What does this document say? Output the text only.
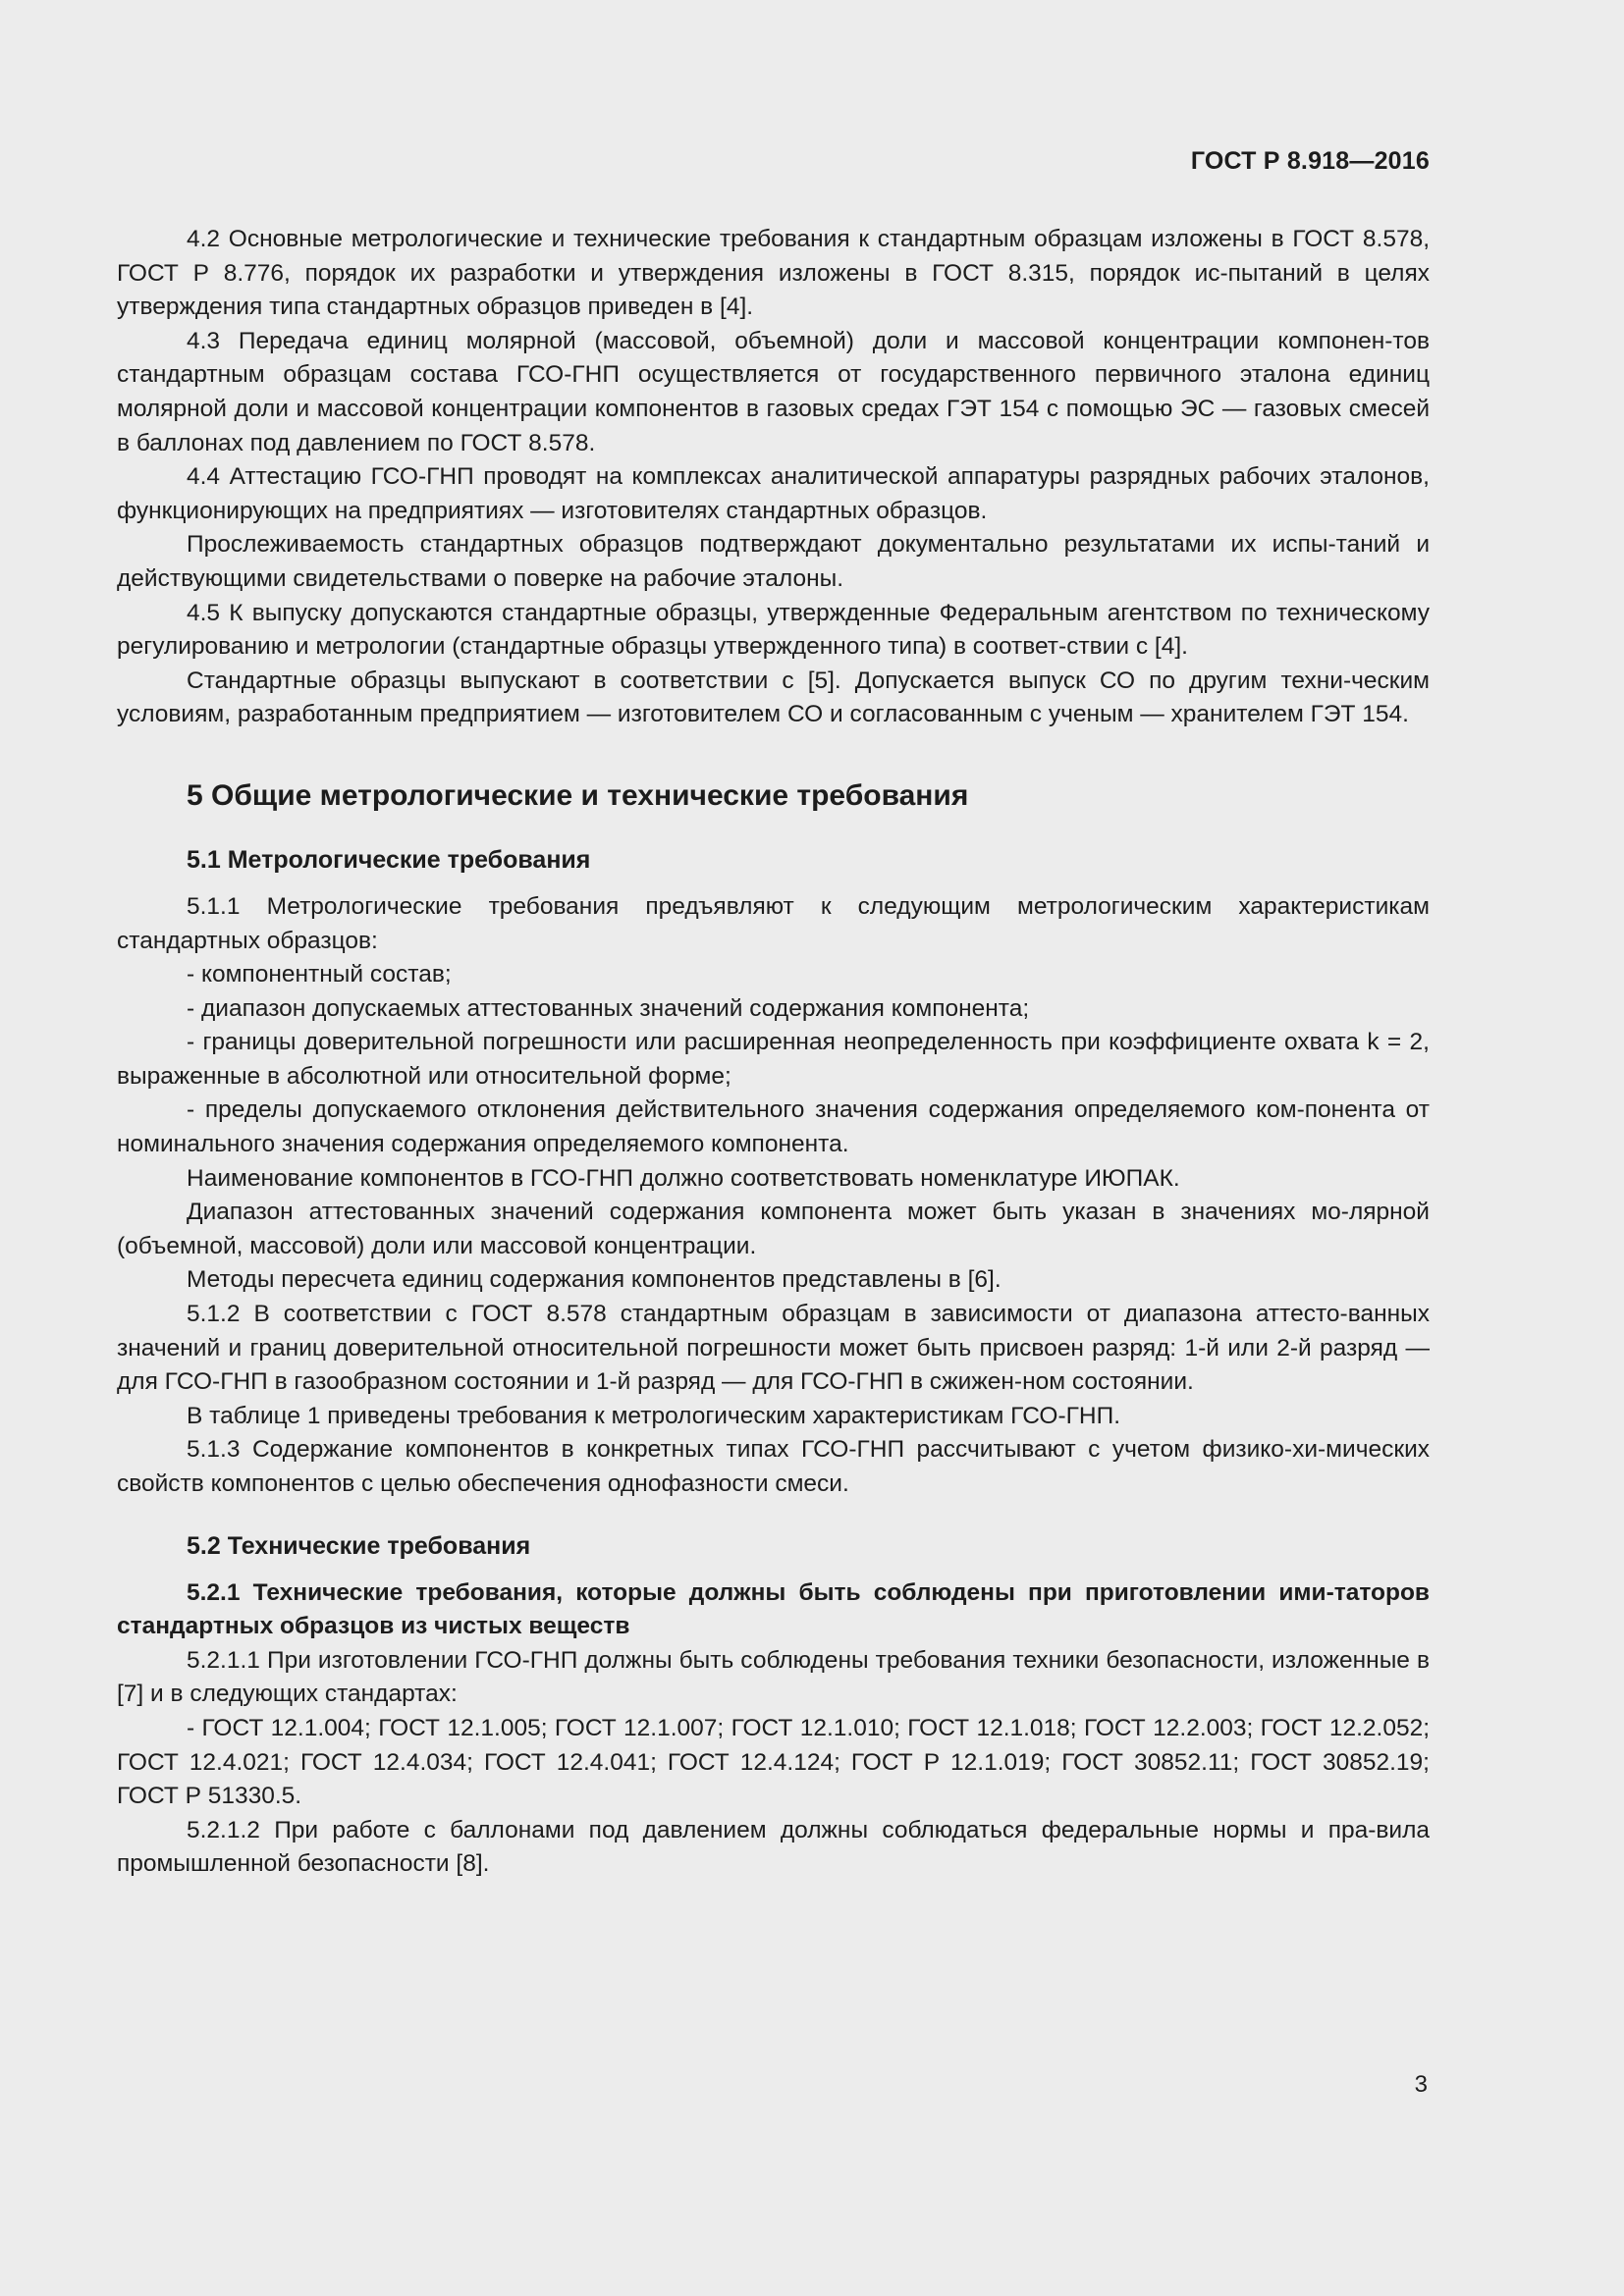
ГОСТ Р 8.918—2016

4.2 Основные метрологические и технические требования к стандартным образцам изложены в ГОСТ 8.578, ГОСТ Р 8.776, порядок их разработки и утверждения изложены в ГОСТ 8.315, порядок ис-пытаний в целях утверждения типа стандартных образцов приведен в [4].

4.3 Передача единиц молярной (массовой, объемной) доли и массовой концентрации компонен-тов стандартным образцам состава ГСО-ГНП осуществляется от государственного первичного эталона единиц молярной доли и массовой концентрации компонентов в газовых средах ГЭТ 154 с помощью ЭС — газовых смесей в баллонах под давлением по ГОСТ 8.578.

4.4 Аттестацию ГСО-ГНП проводят на комплексах аналитической аппаратуры разрядных рабочих эталонов, функционирующих на предприятиях — изготовителях стандартных образцов.

Прослеживаемость стандартных образцов подтверждают документально результатами их испы-таний и действующими свидетельствами о поверке на рабочие эталоны.

4.5 К выпуску допускаются стандартные образцы, утвержденные Федеральным агентством по техническому регулированию и метрологии (стандартные образцы утвержденного типа) в соответ-ствии с [4].

Стандартные образцы выпускают в соответствии с [5]. Допускается выпуск СО по другим техни-ческим условиям, разработанным предприятием — изготовителем СО и согласованным с ученым — хранителем ГЭТ 154.

5 Общие метрологические и технические требования
5.1 Метрологические требования

5.1.1 Метрологические требования предъявляют к следующим метрологическим характеристикам стандартных образцов:

- компонентный состав;

- диапазон допускаемых аттестованных значений содержания компонента;

- границы доверительной погрешности или расширенная неопределенность при коэффициенте охвата k = 2, выраженные в абсолютной или относительной форме;

- пределы допускаемого отклонения действительного значения содержания определяемого ком-понента от номинального значения содержания определяемого компонента.

Наименование компонентов в ГСО-ГНП должно соответствовать номенклатуре ИЮПАК.

Диапазон аттестованных значений содержания компонента может быть указан в значениях мо-лярной (объемной, массовой) доли или массовой концентрации.

Методы пересчета единиц содержания компонентов представлены в [6].

5.1.2 В соответствии с ГОСТ 8.578 стандартным образцам в зависимости от диапазона аттесто-ванных значений и границ доверительной относительной погрешности может быть присвоен разряд: 1-й или 2-й разряд — для ГСО-ГНП в газообразном состоянии и 1-й разряд — для ГСО-ГНП в сжижен-ном состоянии.

В таблице 1 приведены требования к метрологическим характеристикам ГСО-ГНП.

5.1.3 Содержание компонентов в конкретных типах ГСО-ГНП рассчитывают с учетом физико-хи-мических свойств компонентов с целью обеспечения однофазности смеси.

5.2 Технические требования

5.2.1 Технические требования, которые должны быть соблюдены при приготовлении ими-таторов стандартных образцов из чистых веществ

5.2.1.1 При изготовлении ГСО-ГНП должны быть соблюдены требования техники безопасности, изложенные в [7] и в следующих стандартах:

- ГОСТ 12.1.004; ГОСТ 12.1.005; ГОСТ 12.1.007; ГОСТ 12.1.010; ГОСТ 12.1.018; ГОСТ 12.2.003; ГОСТ 12.2.052; ГОСТ 12.4.021; ГОСТ 12.4.034; ГОСТ 12.4.041; ГОСТ 12.4.124; ГОСТ Р 12.1.019; ГОСТ 30852.11; ГОСТ 30852.19; ГОСТ Р 51330.5.

5.2.1.2 При работе с баллонами под давлением должны соблюдаться федеральные нормы и пра-вила промышленной безопасности [8].

3
